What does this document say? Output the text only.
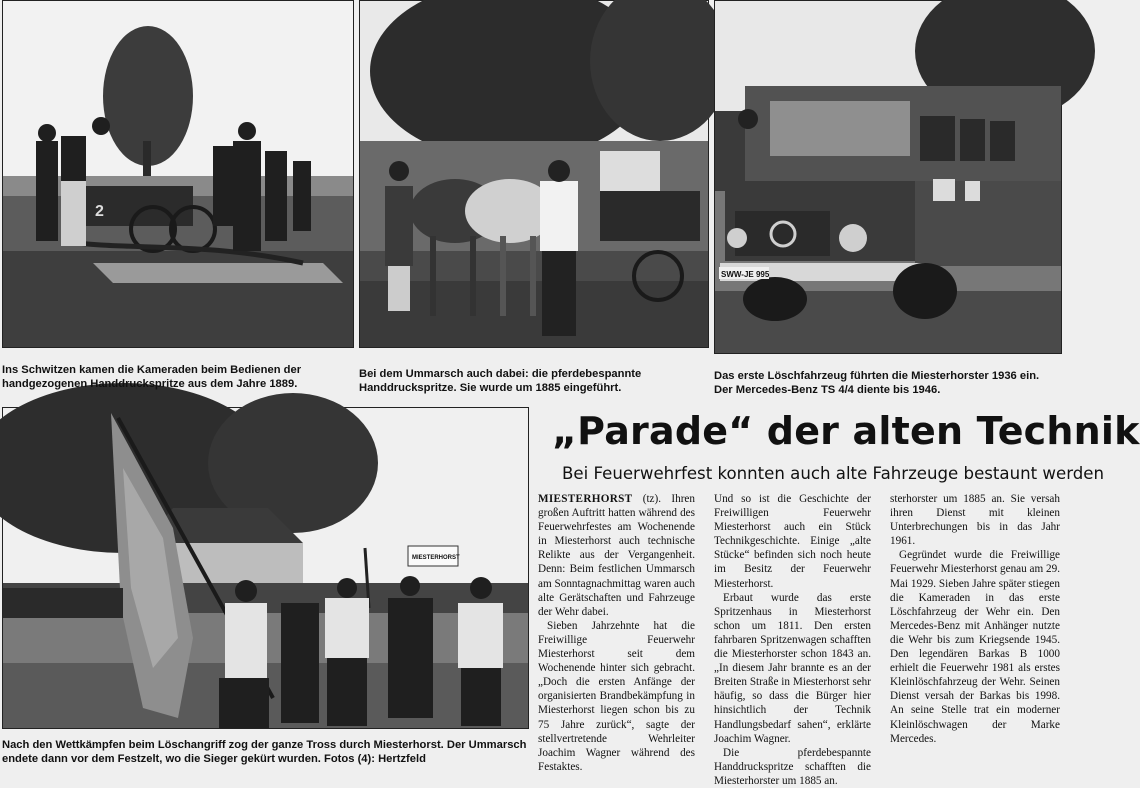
2
SWW-JE 995
MIESTERHORST
Ins Schwitzen kamen die Kameraden beim Bedienen der handgezogenen Handdruckspritze aus dem Jahre 1889.
Bei dem Ummarsch auch dabei: die pferdebespannte Handdruckspritze. Sie wurde um 1885 eingeführt.
Das erste Löschfahrzeug führten die Miesterhorster 1936 ein. Der Mercedes-Benz TS 4/4 diente bis 1946.
Nach den Wettkämpfen beim Löschangriff zog der ganze Tross durch Miesterhorst. Der Ummarsch endete dann vor dem Festzelt, wo die Sieger gekürt wurden. Fotos (4): Hertzfeld
„Parade“ der alten Technik
Bei Feuerwehrfest konnten auch alte Fahrzeuge bestaunt werden

MIESTERHORST (tz). Ihren großen Auftritt hatten während des Feuerwehrfestes am Wochenende in Miesterhorst auch technische Relikte aus der Vergangenheit. Denn: Beim festlichen Ummarsch am Sonntagnachmittag waren auch alte Gerätschaften und Fahrzeuge der Wehr dabei.

Sieben Jahrzehnte hat die Freiwillige Feuerwehr Miesterhorst seit dem Wochenende hinter sich gebracht. „Doch die ersten Anfänge der organisierten Brandbekämpfung in Miesterhorst liegen schon bis zu 75 Jahre zurück“, sagte der stellvertretende Wehrleiter Joachim Wagner während des Festaktes.

Und so ist die Geschichte der Freiwilligen Feuerwehr Miesterhorst auch ein Stück Technikgeschichte. Einige „alte Stücke“ befinden sich noch heute im Besitz der Feuerwehr Miesterhorst.

Erbaut wurde das erste Spritzenhaus in Miesterhorst schon um 1811. Den ersten fahrbaren Spritzenwagen schafften die Miesterhorster schon 1843 an. „In diesem Jahr brannte es an der Breiten Straße in Miesterhorst sehr häufig, so dass die Bürger hier hinsichtlich der Technik Handlungsbedarf sahen“, erklärte Joachim Wagner.

Die pferdebespannte Handdruckspritze schafften die Miesterhorster um 1885 an.

sterhorster um 1885 an. Sie versah ihren Dienst mit kleinen Unterbrechungen bis in das Jahr 1961.

Gegründet wurde die Freiwillige Feuerwehr Miesterhorst genau am 29. Mai 1929. Sieben Jahre später stiegen die Kameraden in das erste Löschfahrzeug der Wehr ein. Den Mercedes-Benz mit Anhänger nutzte die Wehr bis zum Kriegsende 1945. Den legendären Barkas B 1000 erhielt die Feuerwehr 1981 als erstes Kleinlöschfahrzeug der Wehr. Seinen Dienst versah der Barkas bis 1998. An seine Stelle trat ein moderner Kleinlöschwagen der Marke Mercedes.
